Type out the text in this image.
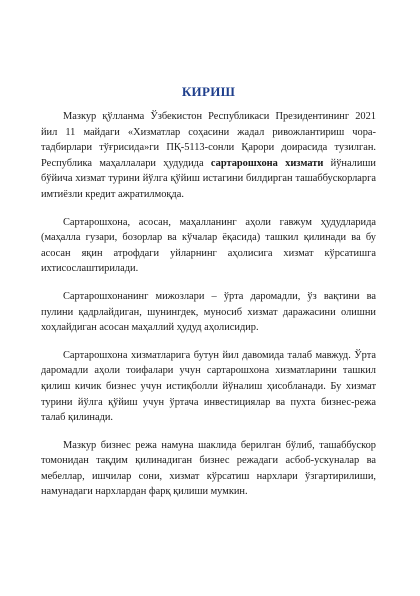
КИРИШ

Мазкур қўлланма Ўзбекистон Республикаси Президентининг 2021 йил 11 майдаги «Хизматлар соҳасини жадал ривожлантириш чора-тадбирлари тўғрисида»ги ПҚ-5113-сонли Қарори доирасида тузилган. Республика маҳаллалари ҳудудида сартарошхона хизмати йўналиши бўйича хизмат турини йўлга қўйиш истагини билдирган ташаббускорларга имтиёзли кредит ажратилмоқда.

Сартарошхона, асосан, маҳалланинг аҳоли гавжум ҳудудларида (маҳалла гузари, бозорлар ва кўчалар ёқасида) ташкил қилинади ва бу асосан яқин атрофдаги уйларнинг аҳолисига хизмат кўрсатишга ихтисослаштирилади.

Сартарошхонанинг мижозлари – ўрта даромадли, ўз вақтини ва пулини қадрлайдиган, шунингдек, муносиб хизмат даражасини олишни хоҳлайдиган асосан маҳаллий ҳудуд аҳолисидир.

Сартарошхона хизматларига бутун йил давомида талаб мавжуд. Ўрта даромадли аҳоли тоифалари учун сартарошхона хизматларини ташкил қилиш кичик бизнес учун истиқболли йўналиш ҳисобланади. Бу хизмат турини йўлга қўйиш учун ўртача инвестициялар ва пухта бизнес-режа талаб қилинади.

Мазкур бизнес режа намуна шаклида берилган бўлиб, ташаббускор томонидан тақдим қилинадиган бизнес режадаги асбоб-ускуналар ва мебеллар, ишчилар сони, хизмат кўрсатиш нархлари ўзгартирилиши, намунадаги нархлардан фарқ қилиши мумкин.
